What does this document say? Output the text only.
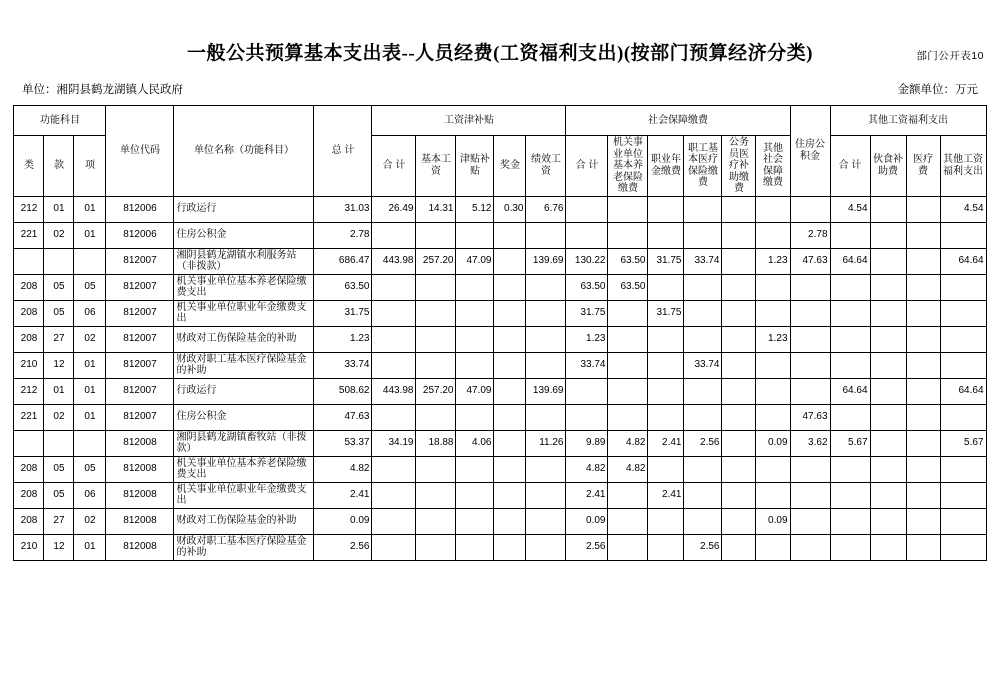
部门公开表10
一般公共预算基本支出表--人员经费(工资福利支出)(按部门预算经济分类)
单位：湘阴县鹤龙湖镇人民政府	金额单位：万元
功能科目			单位代码	单位名称（功能科目）	总 计	工资津补贴					社会保障缴费						住房公积金	其他工资福利支出			
类	款	项				合 计	基本工资	津贴补贴	奖金	绩效工资	合 计	机关事业单位基本养老保险缴费	职业年金缴费	职工基本医疗保险缴费	公务员医疗补助缴费	其他社会保障缴费		合 计	伙食补助费	医疗费	其他工资福利支出
212	01	01	812006	行政运行	31.03	26.49	14.31	5.12	0.30	6.76								4.54			4.54
221	02	01	812006	住房公积金	2.78												2.78				
			812007	湘阴县鹤龙湖镇水利服务站（非拨款）	686.47	443.98	257.20	47.09		139.69	130.22	63.50	31.75	33.74		1.23	47.63	64.64			64.64
208	05	05	812007	机关事业单位基本养老保险缴费支出	63.50						63.50	63.50									
208	05	06	812007	机关事业单位职业年金缴费支出	31.75						31.75		31.75								
208	27	02	812007	财政对工伤保险基金的补助	1.23						1.23					1.23					
210	12	01	812007	财政对职工基本医疗保险基金的补助	33.74						33.74			33.74							
212	01	01	812007	行政运行	508.62	443.98	257.20	47.09		139.69								64.64			64.64
221	02	01	812007	住房公积金	47.63												47.63				
			812008	湘阴县鹤龙湖镇畜牧站（非拨款）	53.37	34.19	18.88	4.06		11.26	9.89	4.82	2.41	2.56		0.09	3.62	5.67			5.67
208	05	05	812008	机关事业单位基本养老保险缴费支出	4.82						4.82	4.82									
208	05	06	812008	机关事业单位职业年金缴费支出	2.41						2.41		2.41								
208	27	02	812008	财政对工伤保险基金的补助	0.09						0.09					0.09					
210	12	01	812008	财政对职工基本医疗保险基金的补助	2.56						2.56			2.56							
